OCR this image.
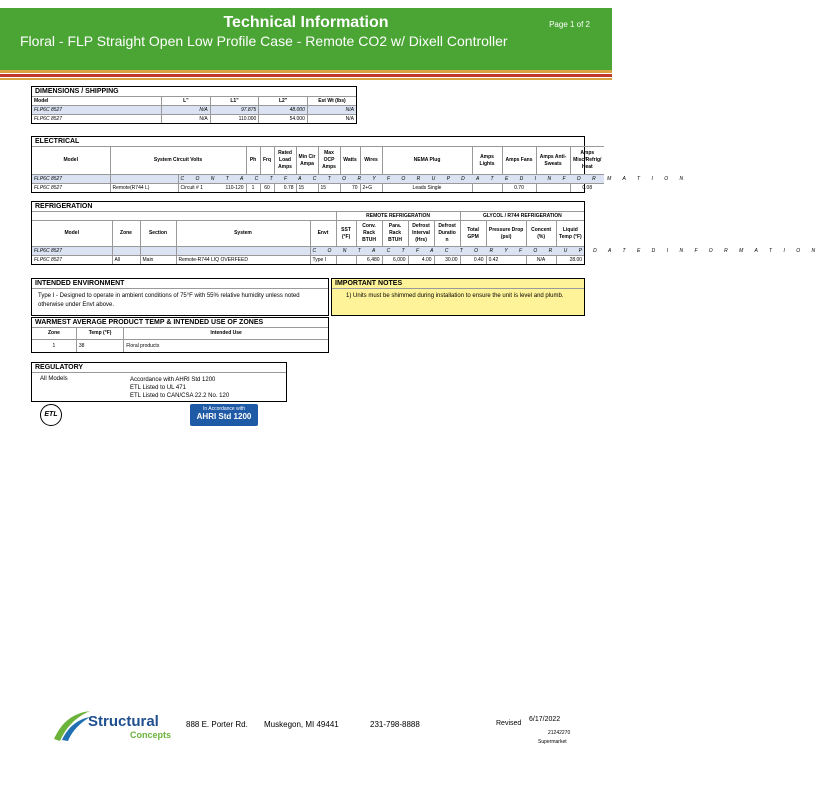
Technical Information
Floral - FLP Straight Open Low Profile Case - Remote CO2 w/ Dixell Controller
Page 1 of 2
DIMENSIONS / SHIPPING
Model	L"	L1"	L2"	Est Wt (lbs)
FLP6C 8527	N/A	97.875	48.000	N/A
FLP6C 8527	N/A	110.000	54.000	N/A
ELECTRICAL
Model	System Circuit Volts		Ph	Frq	Rated Load Amps	Min Cir Ampa	Max OCP Amps	Watts	Wires	NEMA Plug	Amps Lights	Amps Fans	Amps Anti-Sweats	Amps Misc/Refrig/ Heat
FLP6C 8527		C O N T A C T F A C T O R Y F O R U P D A T E D I N F O R M A T I O N												
FLP6C 8527	Remote(R744 L)	Circuit # 1 110-120	1	60	0.78	15	15	70	2+G	Leads Single		0.70		0.08
REFRIGERATION
					REMOTE REFRIGERATION					GLYCOL / R744 REFRIGERATION			
Model	Zone	Section	System	Envt	SST (°F)	Conv. Rack BTUH	Para. Rack BTUH	Defrost Interval (Hrs)	Defrost Duratio n	Total GPM	Pressure Drop (psi)	Concent (%)	Liquid Temp (°F)
FLP6C 8527				C O N T A C T F A C T O R Y F O R U P D A T E D I N F O R M A T I O N									
FLP6C 8527	All	Main	Remote-R744 LIQ OVERFEED	Type I		6,480	6,000	4.00	30.00	0.40	0.42	N/A	28.00
INTENDED ENVIRONMENT
Type I - Designed to operate in ambient conditions of 75°F with 55% relative humidity unless noted otherwise under Envt above.
IMPORTANT NOTES
1) Units must be shimmed during installation to ensure the unit is level and plumb.
WARMEST AVERAGE PRODUCT TEMP & INTENDED USE OF ZONES
Zone	Temp (°F)	Intended Use
1	38	Floral products
REGULATORY
All Models	Accordance with AHRI Std 1200
ETL Listed to UL 471
ETL Listed to CAN/CSA 22.2 No. 120
ETL
In Accordance with
AHRI Std 1200
Structural
Concepts
888 E. Porter Rd. Muskegon, MI 49441	231-798-8888	Revised
6/17/2022
21242270
Supermarket
